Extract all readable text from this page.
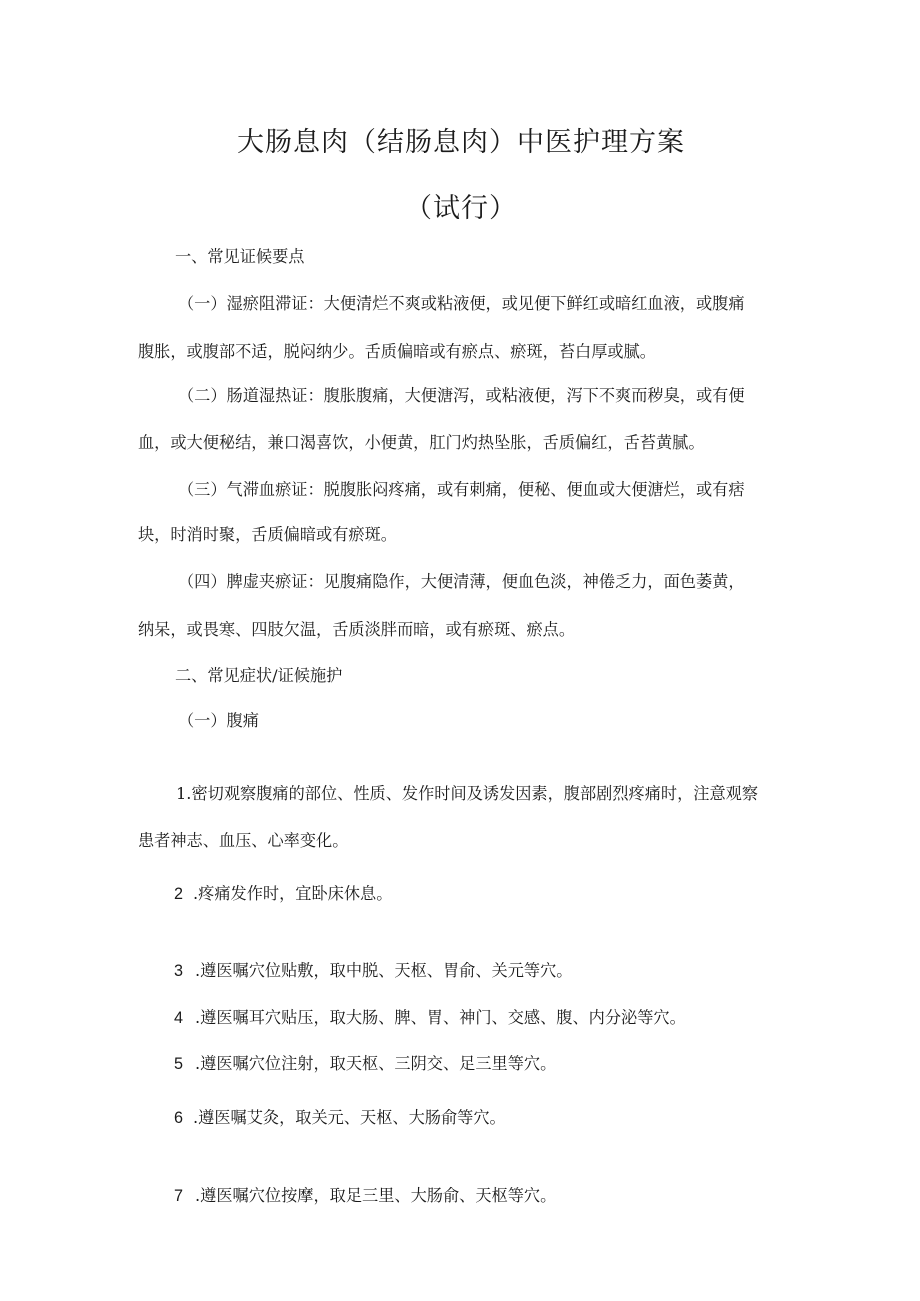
大肠息肉（结肠息肉）中医护理方案
（试行）
一、常见证候要点
（一）湿瘀阻滞证：大便清烂不爽或粘液便，或见便下鲜红或暗红血液，或腹痛
腹胀，或腹部不适，脱闷纳少。舌质偏暗或有瘀点、瘀斑，苔白厚或腻。
（二）肠道湿热证：腹胀腹痛，大便溏泻，或粘液便，泻下不爽而秽臭，或有便
血，或大便秘结，兼口渴喜饮，小便黄，肛门灼热坠胀，舌质偏红，舌苔黄腻。
（三）气滞血瘀证：脱腹胀闷疼痛，或有刺痛，便秘、便血或大便溏烂，或有痞
块，时消时聚，舌质偏暗或有瘀斑。
（四）脾虚夹瘀证：见腹痛隐作，大便清薄，便血色淡，神倦乏力，面色萎黄，
纳呆，或畏寒、四肢欠温，舌质淡胖而暗，或有瘀斑、瘀点。
二、常见症状/证候施护
（一）腹痛
1.密切观察腹痛的部位、性质、发作时间及诱发因素，腹部剧烈疼痛时，注意观察
患者神志、血压、心率变化。
2 .疼痛发作时，宜卧床休息。
3 .遵医嘱穴位贴敷，取中脱、天枢、胃俞、关元等穴。
4 .遵医嘱耳穴贴压，取大肠、脾、胃、神门、交感、腹、内分泌等穴。
5 .遵医嘱穴位注射，取天枢、三阴交、足三里等穴。
6 .遵医嘱艾灸，取关元、天枢、大肠俞等穴。
7 .遵医嘱穴位按摩，取足三里、大肠俞、天枢等穴。
